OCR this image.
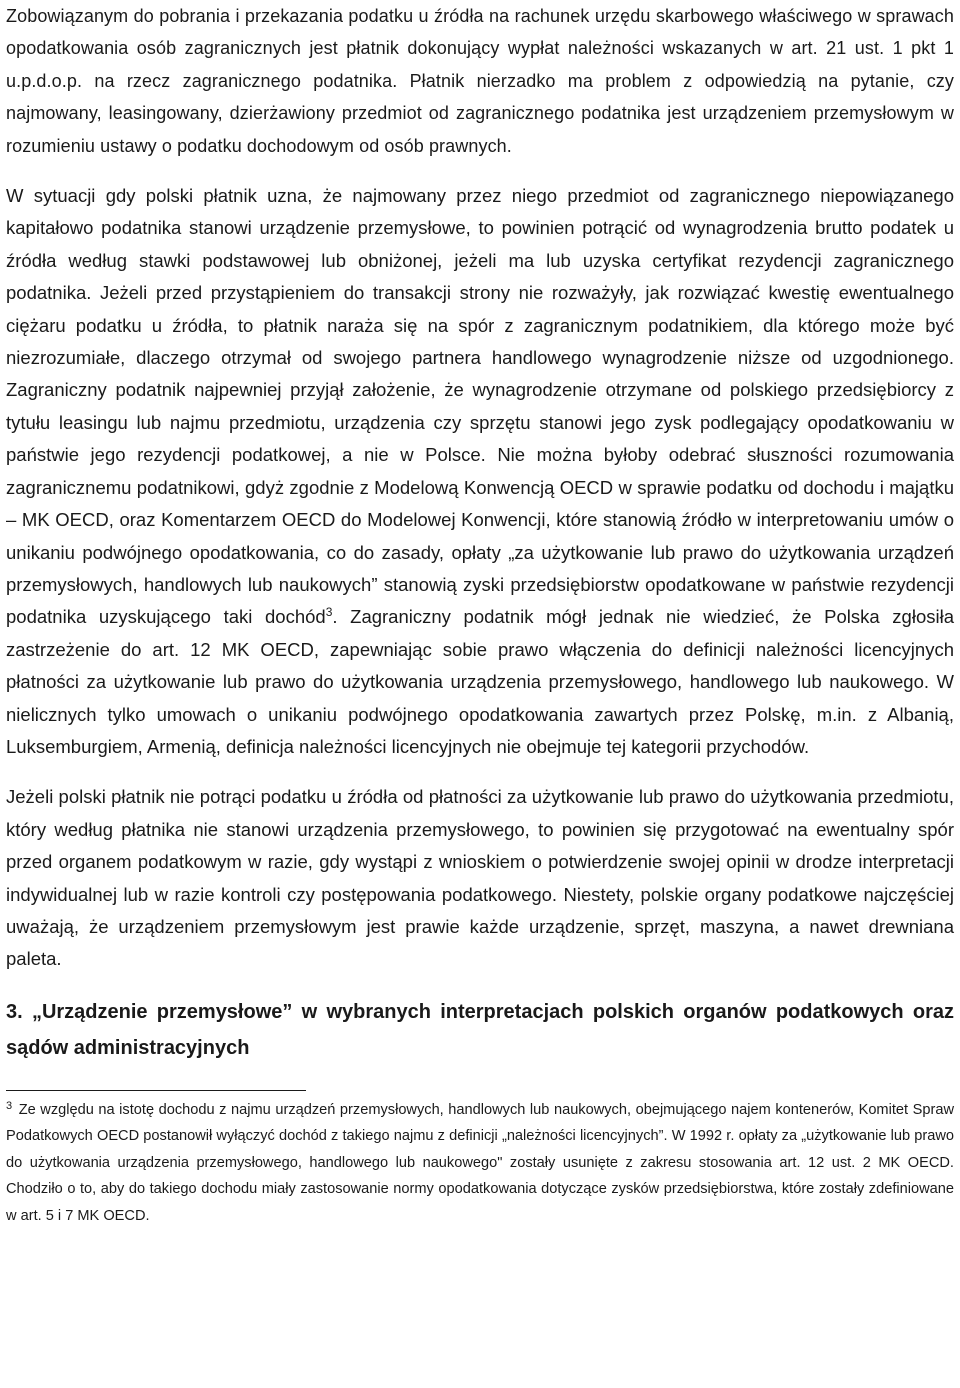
Zobowiązanym do pobrania i przekazania podatku u źródła na rachunek urzędu skarbowego właściwego w sprawach opodatkowania osób zagranicznych jest płatnik dokonujący wypłat należności wskazanych w art. 21 ust. 1 pkt 1 u.p.d.o.p. na rzecz zagranicznego podatnika. Płatnik nierzadko ma problem z odpowiedzią na pytanie, czy najmowany, leasingowany, dzierżawiony przedmiot od zagranicznego podatnika jest urządzeniem przemysłowym w rozumieniu ustawy o podatku dochodowym od osób prawnych.

W sytuacji gdy polski płatnik uzna, że najmowany przez niego przedmiot od zagranicznego niepowiązanego kapitałowo podatnika stanowi urządzenie przemysłowe, to powinien potrącić od wynagrodzenia brutto podatek u źródła według stawki podstawowej lub obniżonej, jeżeli ma lub uzyska certyfikat rezydencji zagranicznego podatnika. Jeżeli przed przystąpieniem do transakcji strony nie rozważyły, jak rozwiązać kwestię ewentualnego ciężaru podatku u źródła, to płatnik naraża się na spór z zagranicznym podatnikiem, dla którego może być niezrozumiałe, dlaczego otrzymał od swojego partnera handlowego wynagrodzenie niższe od uzgodnionego. Zagraniczny podatnik najpewniej przyjął założenie, że wynagrodzenie otrzymane od polskiego przedsiębiorcy z tytułu leasingu lub najmu przedmiotu, urządzenia czy sprzętu stanowi jego zysk podlegający opodatkowaniu w państwie jego rezydencji podatkowej, a nie w Polsce. Nie można byłoby odebrać słuszności rozumowania zagranicznemu podatnikowi, gdyż zgodnie z Modelową Konwencją OECD w sprawie podatku od dochodu i majątku – MK OECD, oraz Komentarzem OECD do Modelowej Konwencji, które stanowią źródło w interpretowaniu umów o unikaniu podwójnego opodatkowania, co do zasady, opłaty „za użytkowanie lub prawo do użytkowania urządzeń przemysłowych, handlowych lub naukowych” stanowią zyski przedsiębiorstw opodatkowane w państwie rezydencji podatnika uzyskującego taki dochód$^3$. Zagraniczny podatnik mógł jednak nie wiedzieć, że Polska zgłosiła zastrzeżenie do art. 12 MK OECD, zapewniając sobie prawo włączenia do definicji należności licencyjnych płatności za użytkowanie lub prawo do użytkowania urządzenia przemysłowego, handlowego lub naukowego. W nielicznych tylko umowach o unikaniu podwójnego opodatkowania zawartych przez Polskę, m.in. z Albanią, Luksemburgiem, Armenią, definicja należności licencyjnych nie obejmuje tej kategorii przychodów.

Jeżeli polski płatnik nie potrąci podatku u źródła od płatności za użytkowanie lub prawo do użytkowania przedmiotu, który według płatnika nie stanowi urządzenia przemysłowego, to powinien się przygotować na ewentualny spór przed organem podatkowym w razie, gdy wystąpi z wnioskiem o potwierdzenie swojej opinii w drodze interpretacji indywidualnej lub w razie kontroli czy postępowania podatkowego. Niestety, polskie organy podatkowe najczęściej uważają, że urządzeniem przemysłowym jest prawie każde urządzenie, sprzęt, maszyna, a nawet drewniana paleta.

3. „Urządzenie przemysłowe” w wybranych interpretacjach polskich organów podatkowych oraz sądów administracyjnych

$^3$ Ze względu na istotę dochodu z najmu urządzeń przemysłowych, handlowych lub naukowych, obejmującego najem kontenerów, Komitet Spraw Podatkowych OECD postanowił wyłączyć dochód z takiego najmu z definicji „należności licencyjnych”. W 1992 r. opłaty za „użytkowanie lub prawo do użytkowania urządzenia przemysłowego, handlowego lub naukowego" zostały usunięte z zakresu stosowania art. 12 ust. 2 MK OECD. Chodziło o to, aby do takiego dochodu miały zastosowanie normy opodatkowania dotyczące zysków przedsiębiorstwa, które zostały zdefiniowane w art. 5 i 7 MK OECD.
